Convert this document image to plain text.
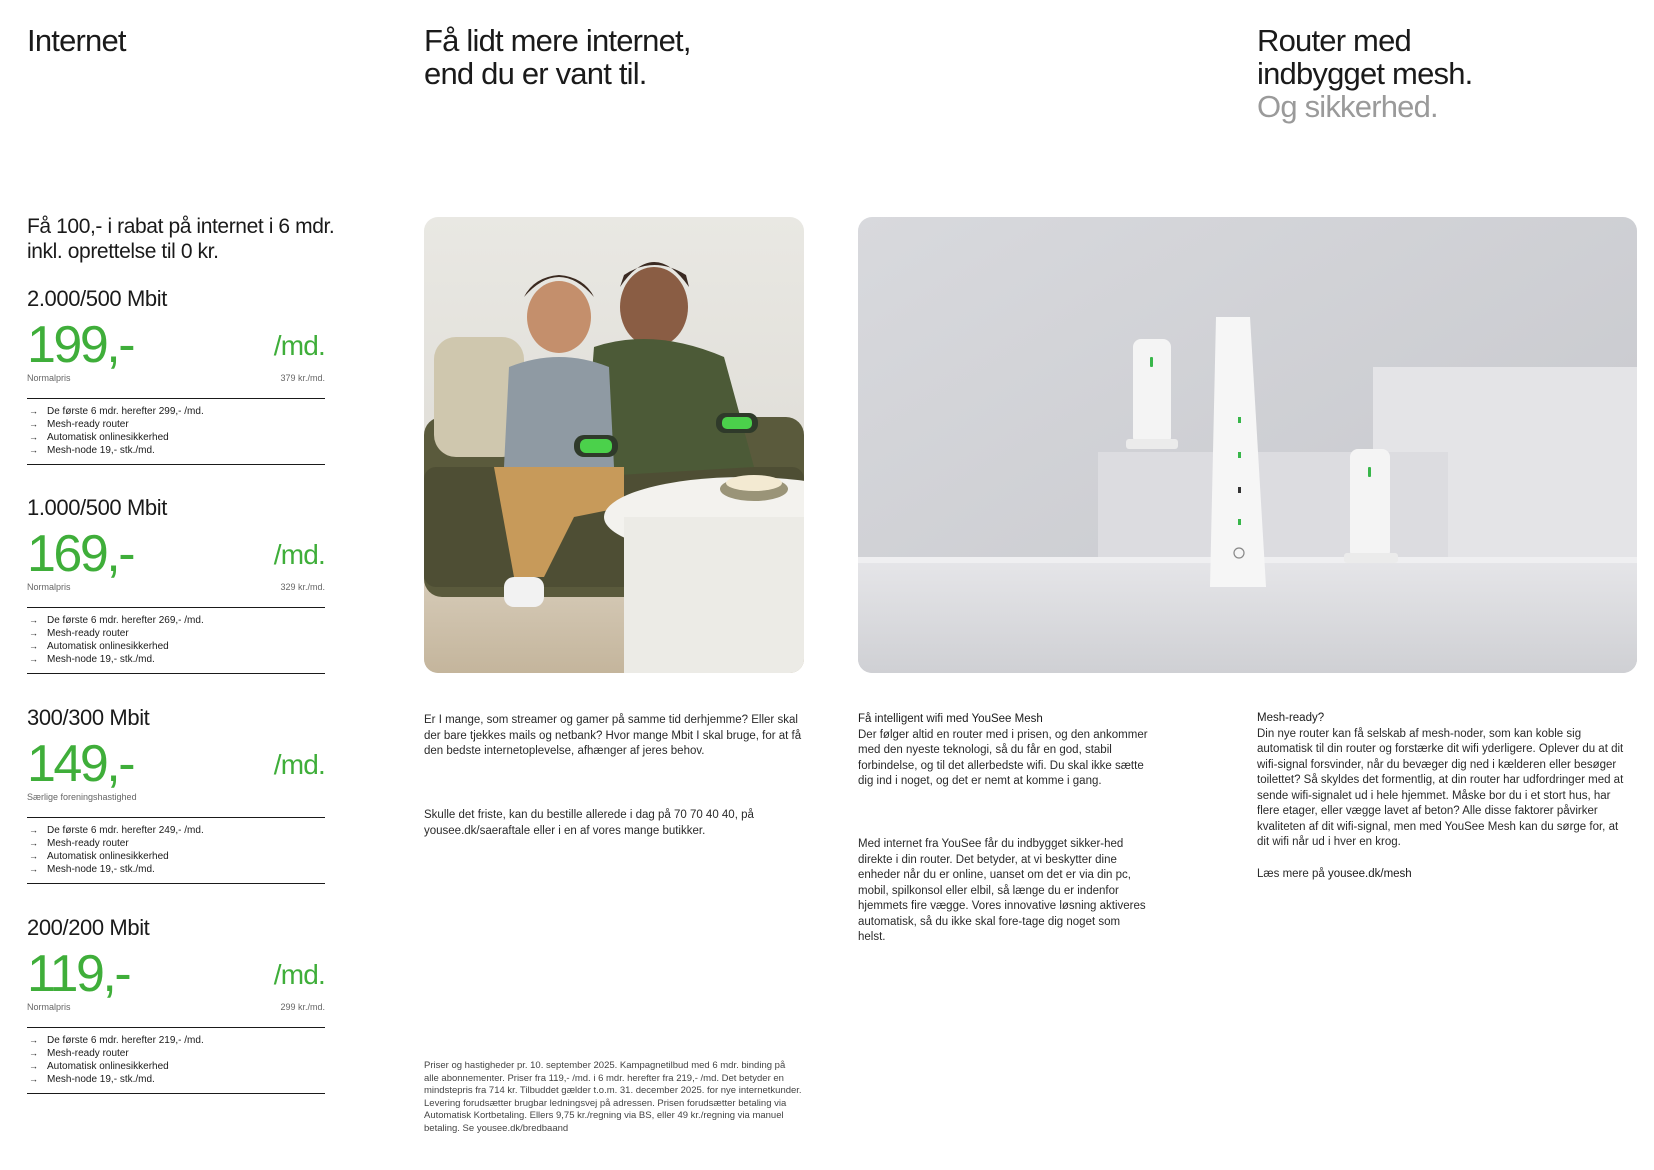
Internet
Få 100,- i rabat på internet i 6 mdr. inkl. oprettelse til 0 kr.

2.000/500 Mbit

199,-	/md.
Normalpris	379 kr./md.
→ De første 6 mdr. herefter 299,- /md.
→ Mesh-ready router
→ Automatisk onlinesikkerhed
→ Mesh-node 19,- stk./md.

1.000/500 Mbit

169,-	/md.
Normalpris	329 kr./md.
→ De første 6 mdr. herefter 269,- /md.
→ Mesh-ready router
→ Automatisk onlinesikkerhed
→ Mesh-node 19,- stk./md.

300/300 Mbit

149,-	/md.
Særlige foreningshastighed
→ De første 6 mdr. herefter 249,- /md.
→ Mesh-ready router
→ Automatisk onlinesikkerhed
→ Mesh-node 19,- stk./md.

200/200 Mbit

119,-	/md.
Normalpris	299 kr./md.
→ De første 6 mdr. herefter 219,- /md.
→ Mesh-ready router
→ Automatisk onlinesikkerhed
→ Mesh-node 19,- stk./md.
Få lidt mere internet,
end du er vant til.

Er I mange, som streamer og gamer på samme tid derhjemme? Eller skal der bare tjekkes mails og netbank? Hvor mange Mbit I skal bruge, for at få den bedste internetoplevelse, afhænger af jeres behov.

Skulle det friste, kan du bestille allerede i dag på 70 70 40 40, på yousee.dk/saeraftale eller i en af vores mange butikker.

Priser og hastigheder pr. 10. september 2025. Kampagnetilbud med 6 mdr. binding på alle abonnementer. Priser fra 119,- /md. i 6 mdr. herefter fra 219,- /md. Det betyder en mindstepris fra 714 kr. Tilbuddet gælder t.o.m. 31. december 2025. for nye internetkunder. Levering forudsætter brugbar ledningsvej på adressen. Prisen forudsætter betaling via Automatisk Kortbetaling. Ellers 9,75 kr./regning via BS, eller 49 kr./regning via manuel betaling. Se yousee.dk/bredbaand

Router med
indbygget mesh.
Og sikkerhed.

Få intelligent wifi med YouSee Mesh

Der følger altid en router med i prisen, og den ankommer med den nyeste teknologi, så du får en god, stabil forbindelse, og til det allerbedste wifi. Du skal ikke sætte dig ind i noget, og det er nemt at komme i gang.

Med internet fra YouSee får du indbygget sikker-hed direkte i din router. Det betyder, at vi beskytter dine enheder når du er online, uanset om det er via din pc, mobil, spilkonsol eller elbil, så længe du er indenfor hjemmets fire vægge. Vores innovative løsning aktiveres automatisk, så du ikke skal fore-tage dig noget som helst.

Mesh-ready?

Din nye router kan få selskab af mesh-noder, som kan koble sig automatisk til din router og forstærke dit wifi yderligere. Oplever du at dit wifi-signal forsvinder, når du bevæger dig ned i kælderen eller besøger toilettet? Så skyldes det formentlig, at din router har udfordringer med at sende wifi-signalet ud i hele hjemmet. Måske bor du i et stort hus, har flere etager, eller vægge lavet af beton? Alle disse faktorer påvirker kvaliteten af dit wifi-signal, men med YouSee Mesh kan du sørge for, at dit wifi når ud i hver en krog.

Læs mere på yousee.dk/mesh
